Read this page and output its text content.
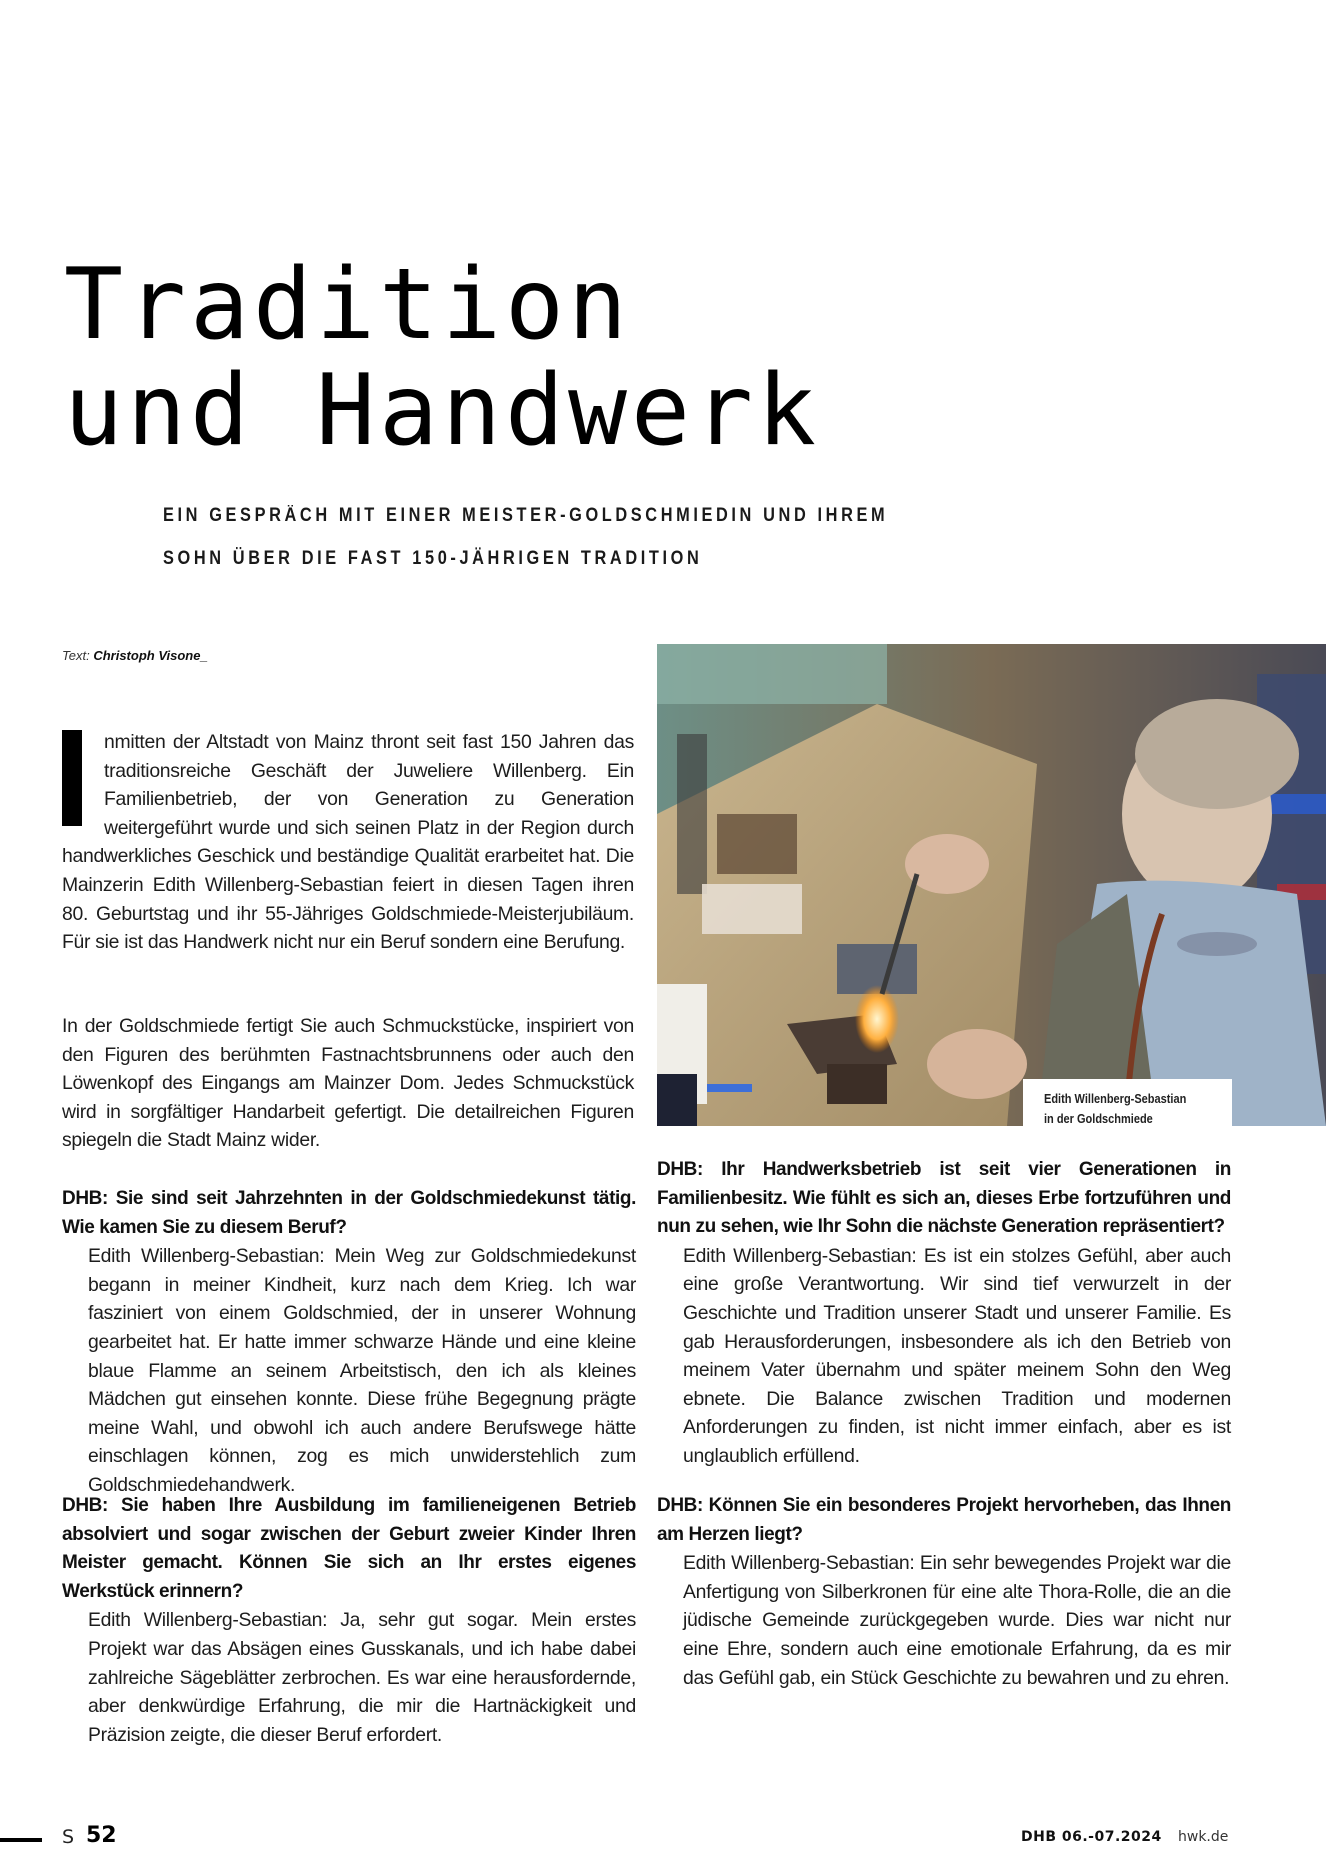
Tradition
und Handwerk
EIN GESPRÄCH MIT EINER MEISTER-GOLDSCHMIEDIN UND IHREM
SOHN ÜBER DIE FAST 150-JÄHRIGEN TRADITION
Text: Christoph Visone_

nmitten der Altstadt von Mainz thront seit fast 150 Jahren das traditionsreiche Geschäft der Juweliere Willenberg. Ein Familienbetrieb, der von Generation zu Generation weitergeführt wurde und sich seinen Platz in der Region durch handwerkliches Geschick und beständige Qualität erarbeitet hat. Die Mainzerin Edith Willenberg-Sebastian feiert in diesen Tagen ihren 80. Geburtstag und ihr 55-Jähriges Goldschmiede-Meisterjubiläum. Für sie ist das Handwerk nicht nur ein Beruf sondern eine Berufung.

In der Goldschmiede fertigt Sie auch Schmuckstücke, inspiriert von den Figuren des berühmten Fastnachtsbrunnens oder auch den Löwenkopf des Eingangs am Mainzer Dom. Jedes Schmuckstück wird in sorgfältiger Handarbeit gefertigt. Die detailreichen Figuren spiegeln die Stadt Mainz wider.

DHB: Sie sind seit Jahrzehnten in der Goldschmiedekunst tätig. Wie kamen Sie zu diesem Beruf?

Edith Willenberg-Sebastian: Mein Weg zur Goldschmiedekunst begann in meiner Kindheit, kurz nach dem Krieg. Ich war fasziniert von einem Goldschmied, der in unserer Wohnung gearbeitet hat. Er hatte immer schwarze Hände und eine kleine blaue Flamme an seinem Arbeitstisch, den ich als kleines Mädchen gut einsehen konnte. Diese frühe Begegnung prägte meine Wahl, und obwohl ich auch andere Berufswege hätte einschlagen können, zog es mich unwiderstehlich zum Goldschmiedehandwerk.

DHB: Sie haben Ihre Ausbildung im familieneigenen Betrieb absolviert und sogar zwischen der Geburt zweier Kinder Ihren Meister gemacht. Können Sie sich an Ihr erstes eigenes Werkstück erinnern?

Edith Willenberg-Sebastian: Ja, sehr gut sogar. Mein erstes Projekt war das Absägen eines Gusskanals, und ich habe dabei zahlreiche Sägeblätter zerbrochen. Es war eine herausfordernde, aber denkwürdige Erfahrung, die mir die Hartnäckigkeit und Präzision zeigte, die dieser Beruf erfordert.

Edith Willenberg-Sebastian
in der Goldschmiede

DHB: Ihr Handwerksbetrieb ist seit vier Generationen in Familienbesitz. Wie fühlt es sich an, dieses Erbe fortzuführen und nun zu sehen, wie Ihr Sohn die nächste Generation repräsentiert?

Edith Willenberg-Sebastian: Es ist ein stolzes Gefühl, aber auch eine große Verantwortung. Wir sind tief verwurzelt in der Geschichte und Tradition unserer Stadt und unserer Familie. Es gab Herausforderungen, insbesondere als ich den Betrieb von meinem Vater übernahm und später meinem Sohn den Weg ebnete. Die Balance zwischen Tradition und modernen Anforderungen zu finden, ist nicht immer einfach, aber es ist unglaublich erfüllend.

DHB: Können Sie ein besonderes Projekt hervorheben, das Ihnen am Herzen liegt?

Edith Willenberg-Sebastian: Ein sehr bewegendes Projekt war die Anfertigung von Silberkronen für eine alte Thora-Rolle, die an die jüdische Gemeinde zurückgegeben wurde. Dies war nicht nur eine Ehre, sondern auch eine emotionale Erfahrung, da es mir das Gefühl gab, ein Stück Geschichte zu bewahren und zu ehren.

S 52	DHB 06.-07.2024 hwk.de
